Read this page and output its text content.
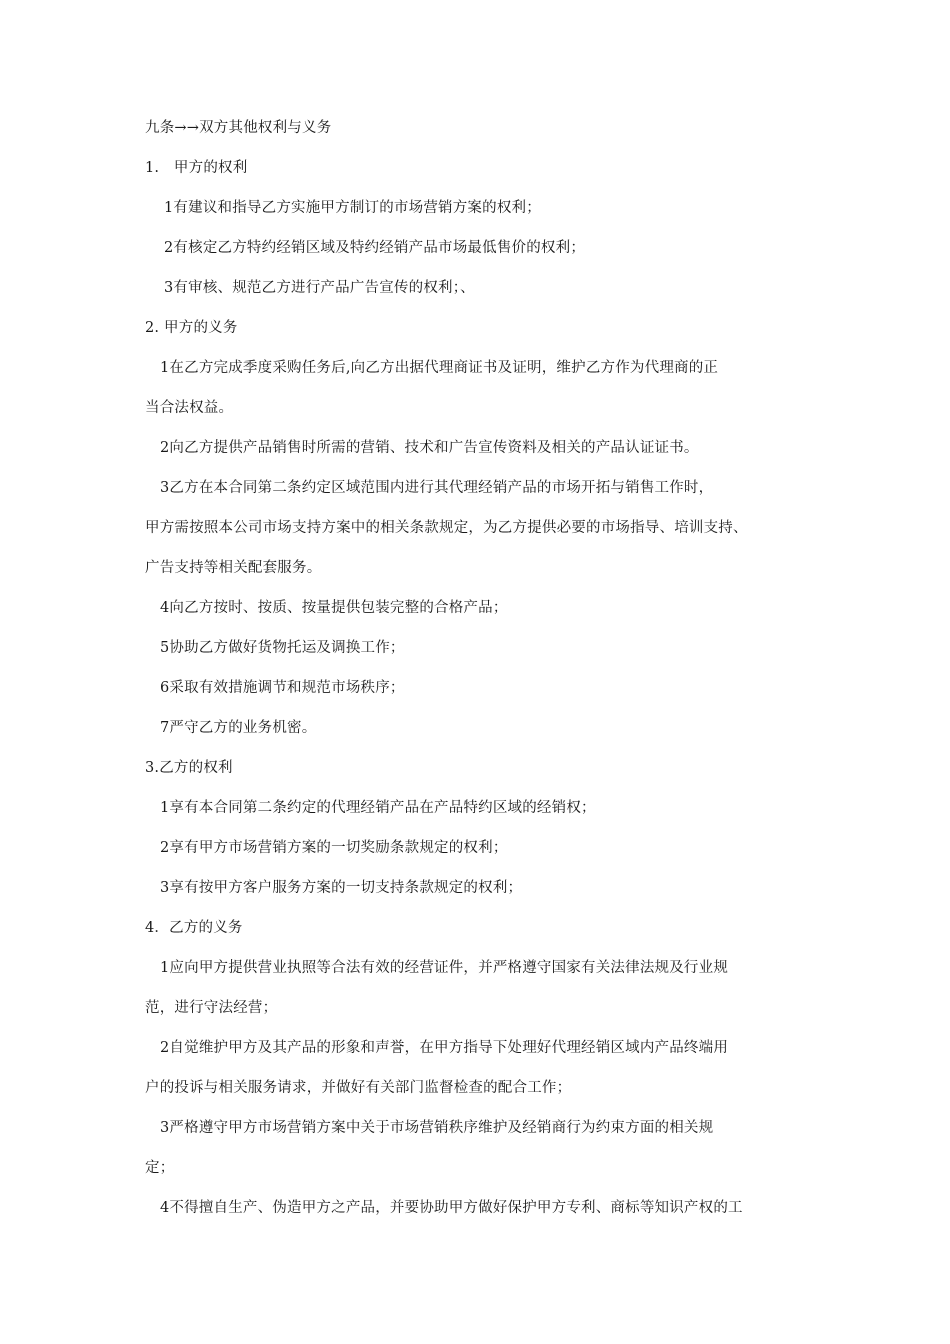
九条→→双方其他权利与义务
1.　甲方的权利
1有建议和指导乙方实施甲方制订的市场营销方案的权利；
2有核定乙方特约经销区域及特约经销产品市场最低售价的权利；
3有审核、规范乙方进行产品广告宣传的权利；、
2. 甲方的义务
1在乙方完成季度采购任务后,向乙方出据代理商证书及证明，维护乙方作为代理商的正
当合法权益。
2向乙方提供产品销售时所需的营销、技术和广告宣传资料及相关的产品认证证书。
3乙方在本合同第二条约定区域范围内进行其代理经销产品的市场开拓与销售工作时，
甲方需按照本公司市场支持方案中的相关条款规定，为乙方提供必要的市场指导、培训支持、
广告支持等相关配套服务。
4向乙方按时、按质、按量提供包装完整的合格产品；
5协助乙方做好货物托运及调换工作；
6采取有效措施调节和规范市场秩序；
7严守乙方的业务机密。
3.乙方的权利
1享有本合同第二条约定的代理经销产品在产品特约区域的经销权；
2享有甲方市场营销方案的一切奖励条款规定的权利；
3享有按甲方客户服务方案的一切支持条款规定的权利；
4．乙方的义务
1应向甲方提供营业执照等合法有效的经营证件，并严格遵守国家有关法律法规及行业规
范，进行守法经营；
2自觉维护甲方及其产品的形象和声誉，在甲方指导下处理好代理经销区域内产品终端用
户的投诉与相关服务请求，并做好有关部门监督检查的配合工作；
3严格遵守甲方市场营销方案中关于市场营销秩序维护及经销商行为约束方面的相关规
定；
4不得擅自生产、伪造甲方之产品，并要协助甲方做好保护甲方专利、商标等知识产权的工
